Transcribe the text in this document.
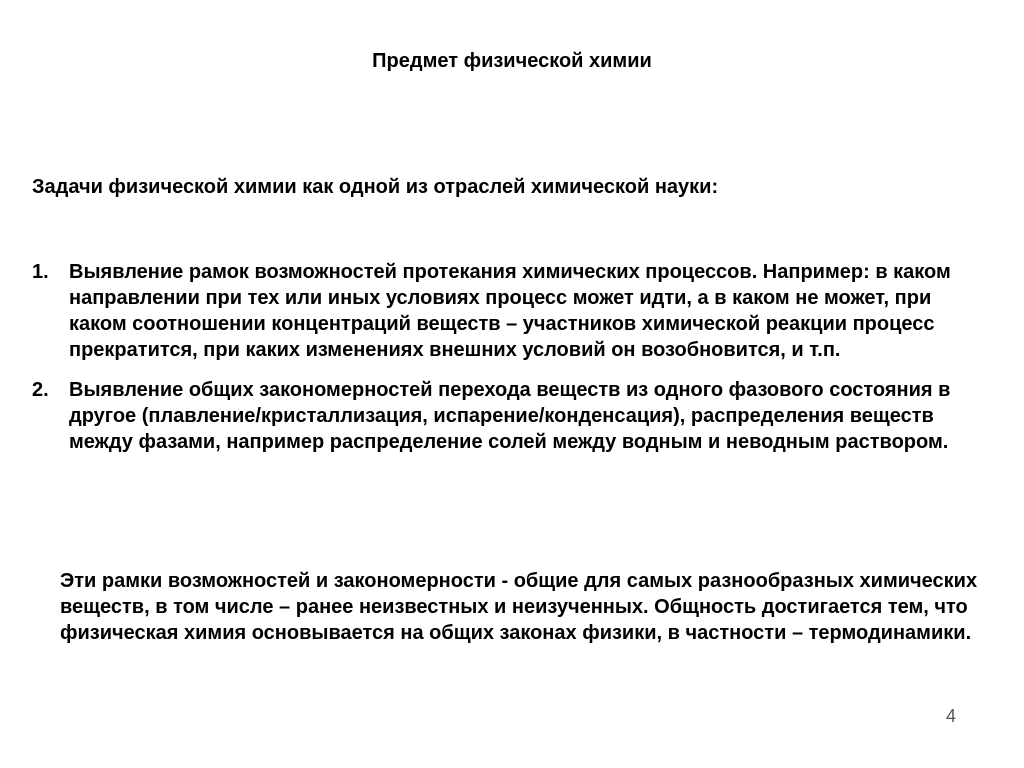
Предмет физической химии
Задачи физической химии как одной из отраслей химической науки:
1.	Выявление рамок возможностей протекания химических процессов. Например: в каком направлении при тех или иных условиях процесс может идти, а в каком не может, при каком соотношении концентраций веществ – участников химической реакции процесс прекратится, при каких изменениях внешних условий он возобновится, и т.п.
2.	Выявление общих закономерностей перехода веществ из одного фазового состояния в другое (плавление/кристаллизация, испарение/конденсация), распределения веществ между фазами, например распределение солей между водным и неводным раствором.
Эти рамки возможностей и закономерности - общие для самых разнообразных химических веществ, в том числе – ранее неизвестных и неизученных. Общность достигается тем, что физическая химия основывается на общих законах физики, в частности – термодинамики.
4
